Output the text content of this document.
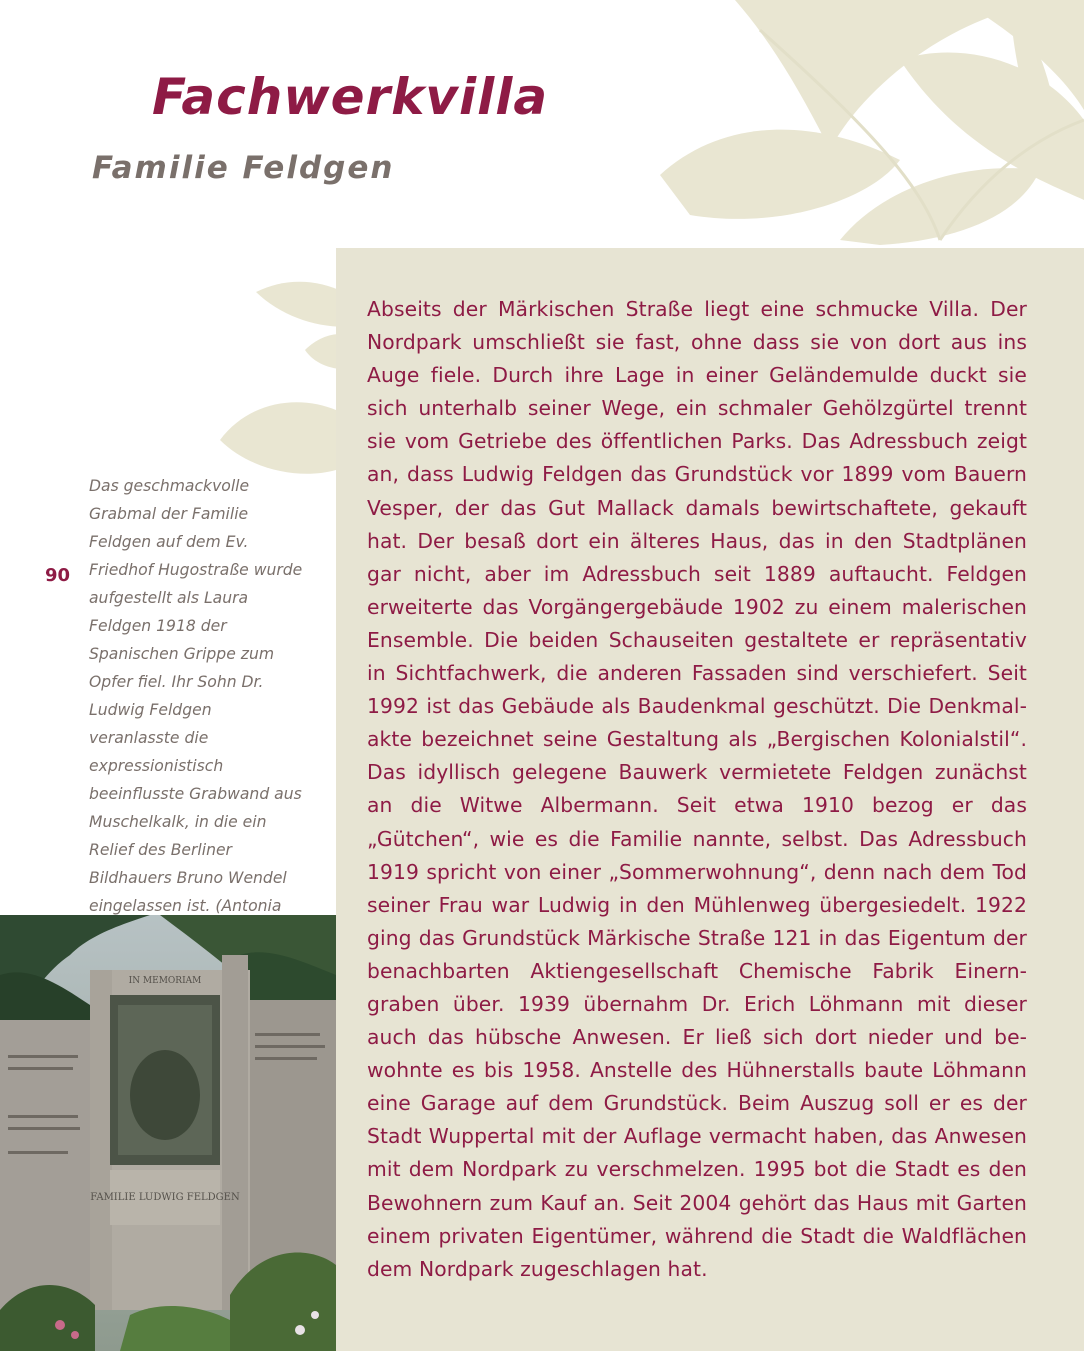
Fachwerkvilla
Familie Feldgen

Das geschmackvolle Grabmal der Familie Feldgen auf dem Ev. Friedhof Hugostraße wurde aufgestellt als Laura Feldgen 1918 der Spanischen Grippe zum Opfer fiel. Ihr Sohn Dr. Ludwig Feldgen veranlasste die expressionistisch beeinflusste Grabwand aus Muschelkalk, in die ein Relief des Berliner Bildhauers Bruno Wendel eingelassen ist. (Antonia

90

Abseits der Märkischen Straße liegt eine schmucke Villa. Der Nordpark umschließt sie fast, ohne dass sie von dort aus ins Auge fiele. Durch ihre Lage in einer Geländemulde duckt sie sich unterhalb seiner Wege, ein schmaler Gehölzgürtel trennt sie vom Getriebe des öffentlichen Parks. Das Adressbuch zeigt an, dass Ludwig Feldgen das Grundstück vor 1899 vom Bauern Vesper, der das Gut Mallack damals bewirtschaftete, gekauft hat. Der besaß dort ein älteres Haus, das in den Stadtplänen gar nicht, aber im Adressbuch seit 1889 auftaucht. Feldgen erweiterte das Vorgängergebäude 1902 zu einem malerischen Ensemble. Die beiden Schauseiten gestaltete er repräsentativ in Sichtfachwerk, die anderen Fassaden sind verschiefert. Seit 1992 ist das Gebäude als Baudenkmal geschützt. Die Denkmalakte bezeichnet seine Gestaltung als „Bergischen Kolonialstil“. Das idyllisch gelegene Bauwerk vermietete Feldgen zunächst an die Witwe Albermann. Seit etwa 1910 bezog er das „Gütchen“, wie es die Familie nannte, selbst. Das Adressbuch 1919 spricht von einer „Sommerwohnung“, denn nach dem Tod seiner Frau war Ludwig in den Mühlenweg übergesiedelt. 1922 ging das Grundstück Märkische Straße 121 in das Eigentum der benachbarten Aktiengesellschaft Chemische Fabrik Einerngraben über. 1939 übernahm Dr. Erich Löhmann mit dieser auch das hübsche Anwesen. Er ließ sich dort nieder und bewohnte es bis 1958. Anstelle des Hühnerstalls baute Löhmann eine Garage auf dem Grundstück. Beim Auszug soll er es der Stadt Wuppertal mit der Auflage vermacht haben, das Anwesen mit dem Nordpark zu verschmelzen. 1995 bot die Stadt es den Bewohnern zum Kauf an. Seit 2004 gehört das Haus mit Garten einem privaten Eigentümer, während die Stadt die Waldflächen dem Nordpark zugeschlagen hat.

IN MEMORIAM
FAMILIE LUDWIG FELDGEN
